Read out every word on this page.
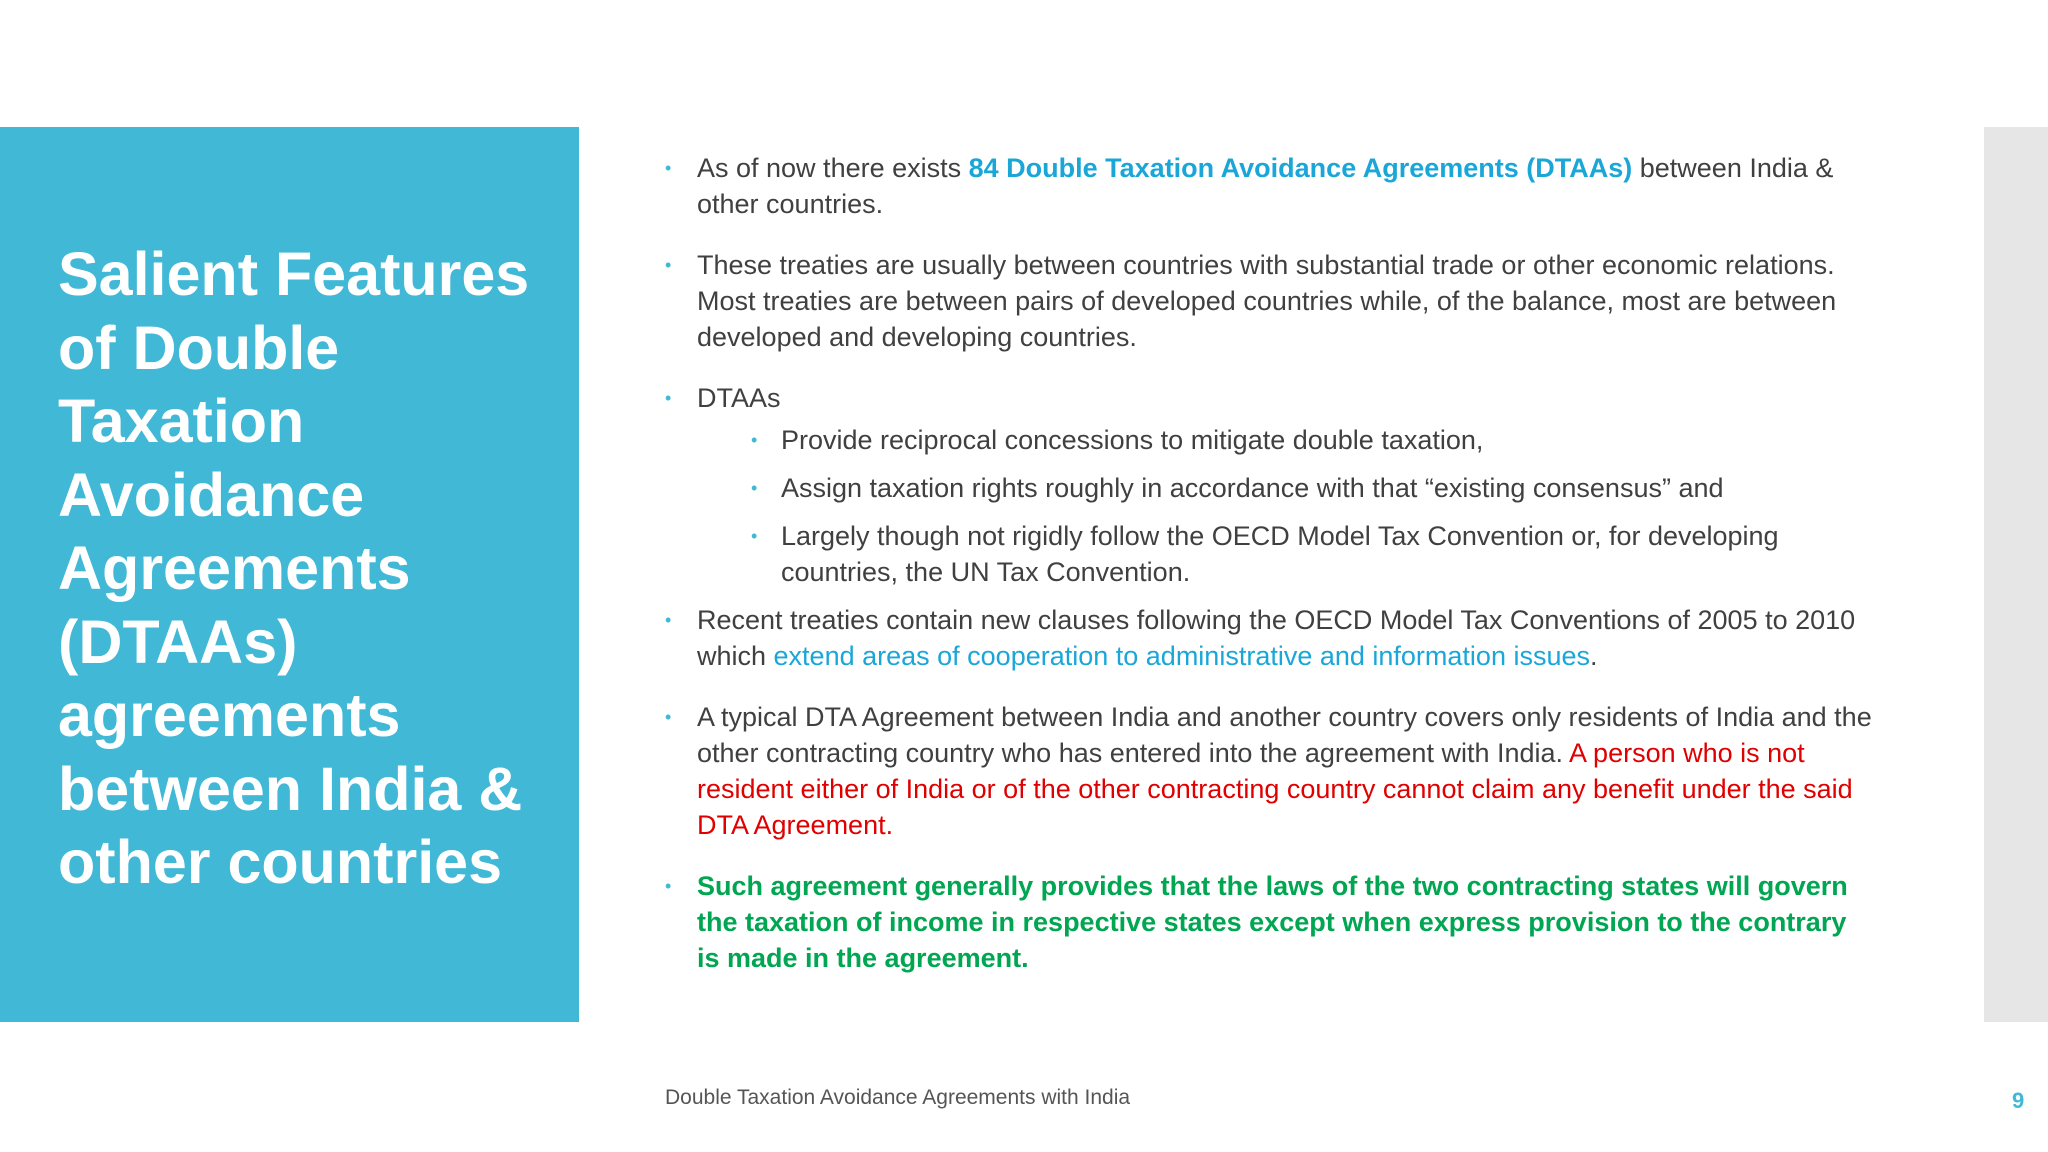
Salient Features of Double Taxation Avoidance Agreements (DTAAs) agreements between India & other countries
• As of now there exists 84 Double Taxation Avoidance Agreements (DTAAs) between India & other countries.
• These treaties are usually between countries with substantial trade or other economic relations. Most treaties are between pairs of developed countries while, of the balance, most are between developed and developing countries.
• DTAAs
• Provide reciprocal concessions to mitigate double taxation,
• Assign taxation rights roughly in accordance with that “existing consensus” and
• Largely though not rigidly follow the OECD Model Tax Convention or, for developing countries, the UN Tax Convention.
• Recent treaties contain new clauses following the OECD Model Tax Conventions of 2005 to 2010 which extend areas of cooperation to administrative and information issues.
• A typical DTA Agreement between India and another country covers only residents of India and the other contracting country who has entered into the agreement with India. A person who is not resident either of India or of the other contracting country cannot claim any benefit under the said DTA Agreement.
• Such agreement generally provides that the laws of the two contracting states will govern the taxation of income in respective states except when express provision to the contrary is made in the agreement.
Double Taxation Avoidance Agreements with India	9
